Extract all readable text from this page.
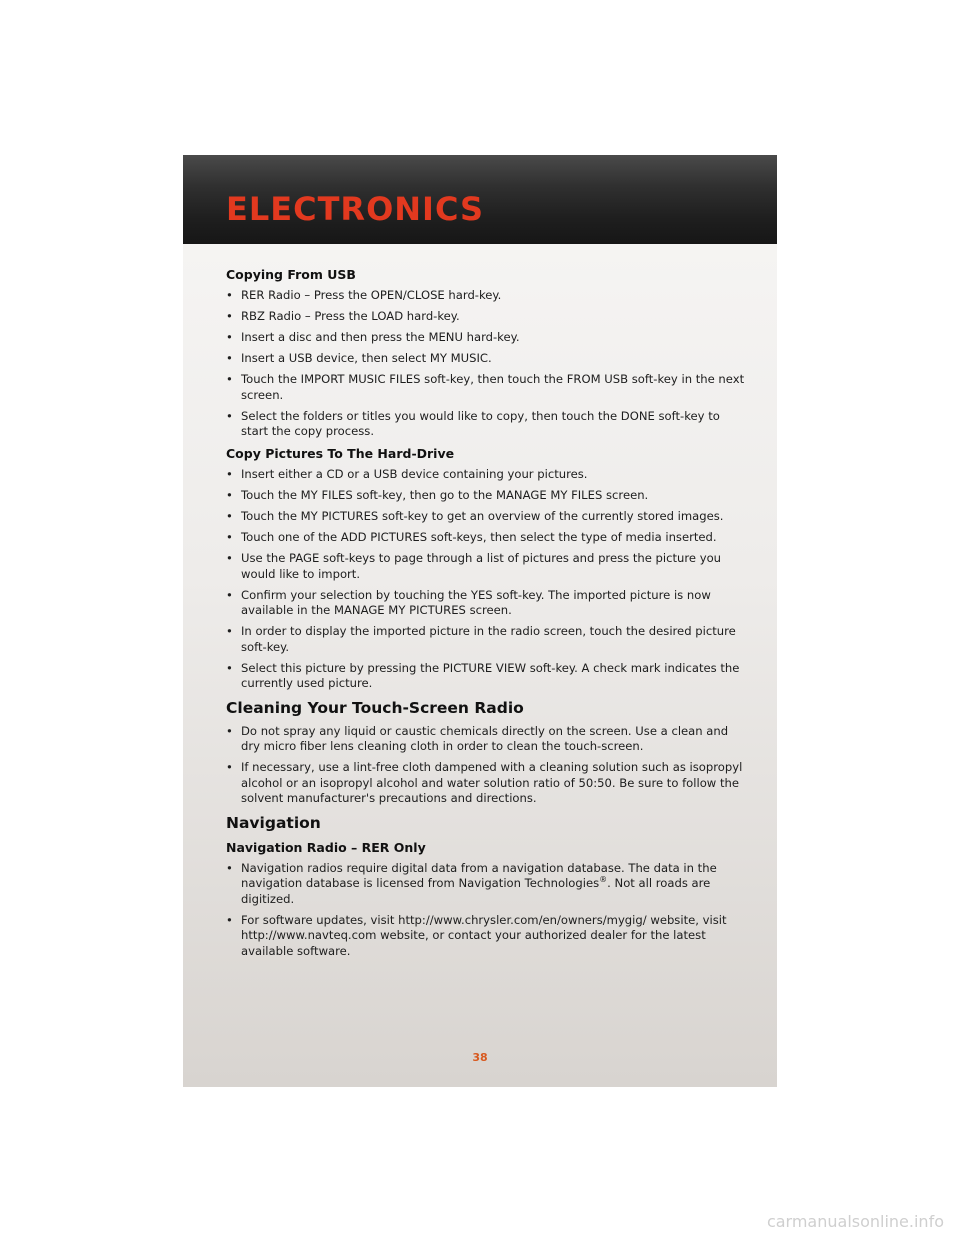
ELECTRONICS
Copying From USB
• RER Radio – Press the OPEN/CLOSE hard-key.
• RBZ Radio – Press the LOAD hard-key.
• Insert a disc and then press the MENU hard-key.
• Insert a USB device, then select MY MUSIC.
• Touch the IMPORT MUSIC FILES soft-key, then touch the FROM USB soft-key in the next screen.
• Select the folders or titles you would like to copy, then touch the DONE soft-key to start the copy process.
Copy Pictures To The Hard-Drive
• Insert either a CD or a USB device containing your pictures.
• Touch the MY FILES soft-key, then go to the MANAGE MY FILES screen.
• Touch the MY PICTURES soft-key to get an overview of the currently stored images.
• Touch one of the ADD PICTURES soft-keys, then select the type of media inserted.
• Use the PAGE soft-keys to page through a list of pictures and press the picture you would like to import.
• Confirm your selection by touching the YES soft-key. The imported picture is now available in the MANAGE MY PICTURES screen.
• In order to display the imported picture in the radio screen, touch the desired picture soft-key.
• Select this picture by pressing the PICTURE VIEW soft-key. A check mark indicates the currently used picture.
Cleaning Your Touch-Screen Radio
• Do not spray any liquid or caustic chemicals directly on the screen. Use a clean and dry micro fiber lens cleaning cloth in order to clean the touch-screen.
• If necessary, use a lint-free cloth dampened with a cleaning solution such as isopropyl alcohol or an isopropyl alcohol and water solution ratio of 50:50. Be sure to follow the solvent manufacturer's precautions and directions.
Navigation
Navigation Radio – RER Only
• Navigation radios require digital data from a navigation database. The data in the navigation database is licensed from Navigation Technologies®. Not all roads are digitized.
• For software updates, visit http://www.chrysler.com/en/owners/mygig/ website, visit http://www.navteq.com website, or contact your authorized dealer for the latest available software.
38
carmanualsonline.info
